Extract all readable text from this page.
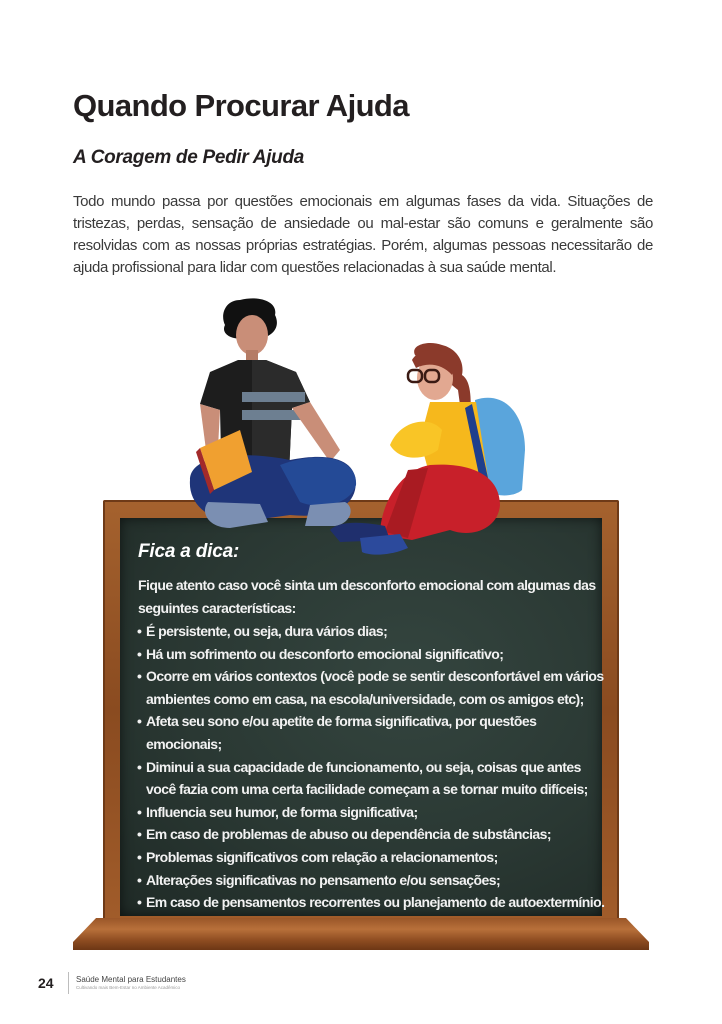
Quando Procurar Ajuda
A Coragem de Pedir Ajuda

Todo mundo passa por questões emocionais em algumas fases da vida. Situações de tristezas, perdas, sensação de ansiedade ou mal-estar são comuns e geralmente são resolvidas com as nossas próprias estratégias. Porém, algumas pessoas necessitarão de ajuda profissional para lidar com questões relacionadas à sua saúde mental.

Fica a dica:

Fique atento caso você sinta um desconforto emocional com algumas das seguintes características:

• É persistente, ou seja, dura vários dias;
• Há um sofrimento ou desconforto emocional significativo;
• Ocorre em vários contextos (você pode se sentir desconfortável em vários ambientes como em casa, na escola/universidade, com os amigos etc);
• Afeta seu sono e/ou apetite de forma significativa, por questões emocionais;
• Diminui a sua capacidade de funcionamento, ou seja, coisas que antes você fazia com uma certa facilidade começam a se tornar muito difíceis;
• Influencia seu humor, de forma significativa;
• Em caso de problemas de abuso ou dependência de substâncias;
• Problemas significativos com relação a relacionamentos;
• Alterações significativas no pensamento e/ou sensações;
• Em caso de pensamentos recorrentes ou planejamento de autoextermínio.

24	Saúde Mental para Estudantes

Cultivando mais Bem-Estar no Ambiente Acadêmico
